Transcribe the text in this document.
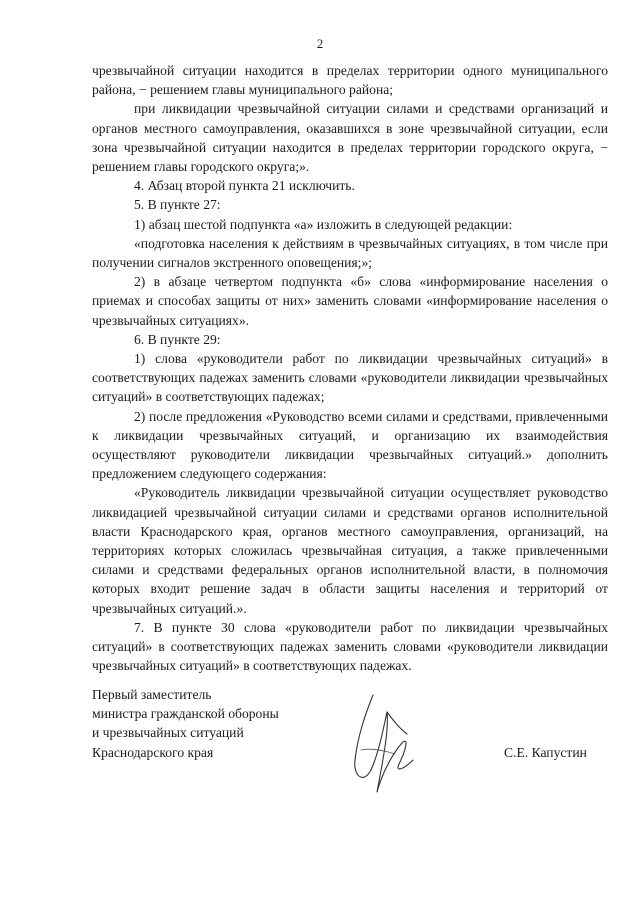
2

чрезвычайной ситуации находится в пределах территории одного муниципального района, − решением главы муниципального района;

при ликвидации чрезвычайной ситуации силами и средствами организаций и органов местного самоуправления, оказавшихся в зоне чрезвычайной ситуации, если зона чрезвычайной ситуации находится в пределах территории городского округа, − решением главы городского округа;».

4. Абзац второй пункта 21 исключить.

5. В пункте 27:

1) абзац шестой подпункта «а» изложить в следующей редакции:

«подготовка населения к действиям в чрезвычайных ситуациях, в том числе при получении сигналов экстренного оповещения;»;

2) в абзаце четвертом подпункта «б» слова «информирование населения о приемах и способах защиты от них» заменить словами «информирование населения о чрезвычайных ситуациях».

6. В пункте 29:

1) слова «руководители работ по ликвидации чрезвычайных ситуаций» в соответствующих падежах заменить словами «руководители ликвидации чрезвычайных ситуаций» в соответствующих падежах;

2) после предложения «Руководство всеми силами и средствами, привлеченными к ликвидации чрезвычайных ситуаций, и организацию их взаимодействия осуществляют руководители ликвидации чрезвычайных ситуаций.» дополнить предложением следующего содержания:

«Руководитель ликвидации чрезвычайной ситуации осуществляет руководство ликвидацией чрезвычайной ситуации силами и средствами органов исполнительной власти Краснодарского края, органов местного самоуправления, организаций, на территориях которых сложилась чрезвычайная ситуация, а также привлеченными силами и средствами федеральных органов исполнительной власти, в полномочия которых входит решение задач в области защиты населения и территорий от чрезвычайных ситуаций.».

7. В пункте 30 слова «руководители работ по ликвидации чрезвычайных ситуаций» в соответствующих падежах заменить словами «руководители ликвидации чрезвычайных ситуаций» в соответствующих падежах.

Первый заместитель
министра гражданской обороны
и чрезвычайных ситуаций
Краснодарского края	С.Е. Капустин
